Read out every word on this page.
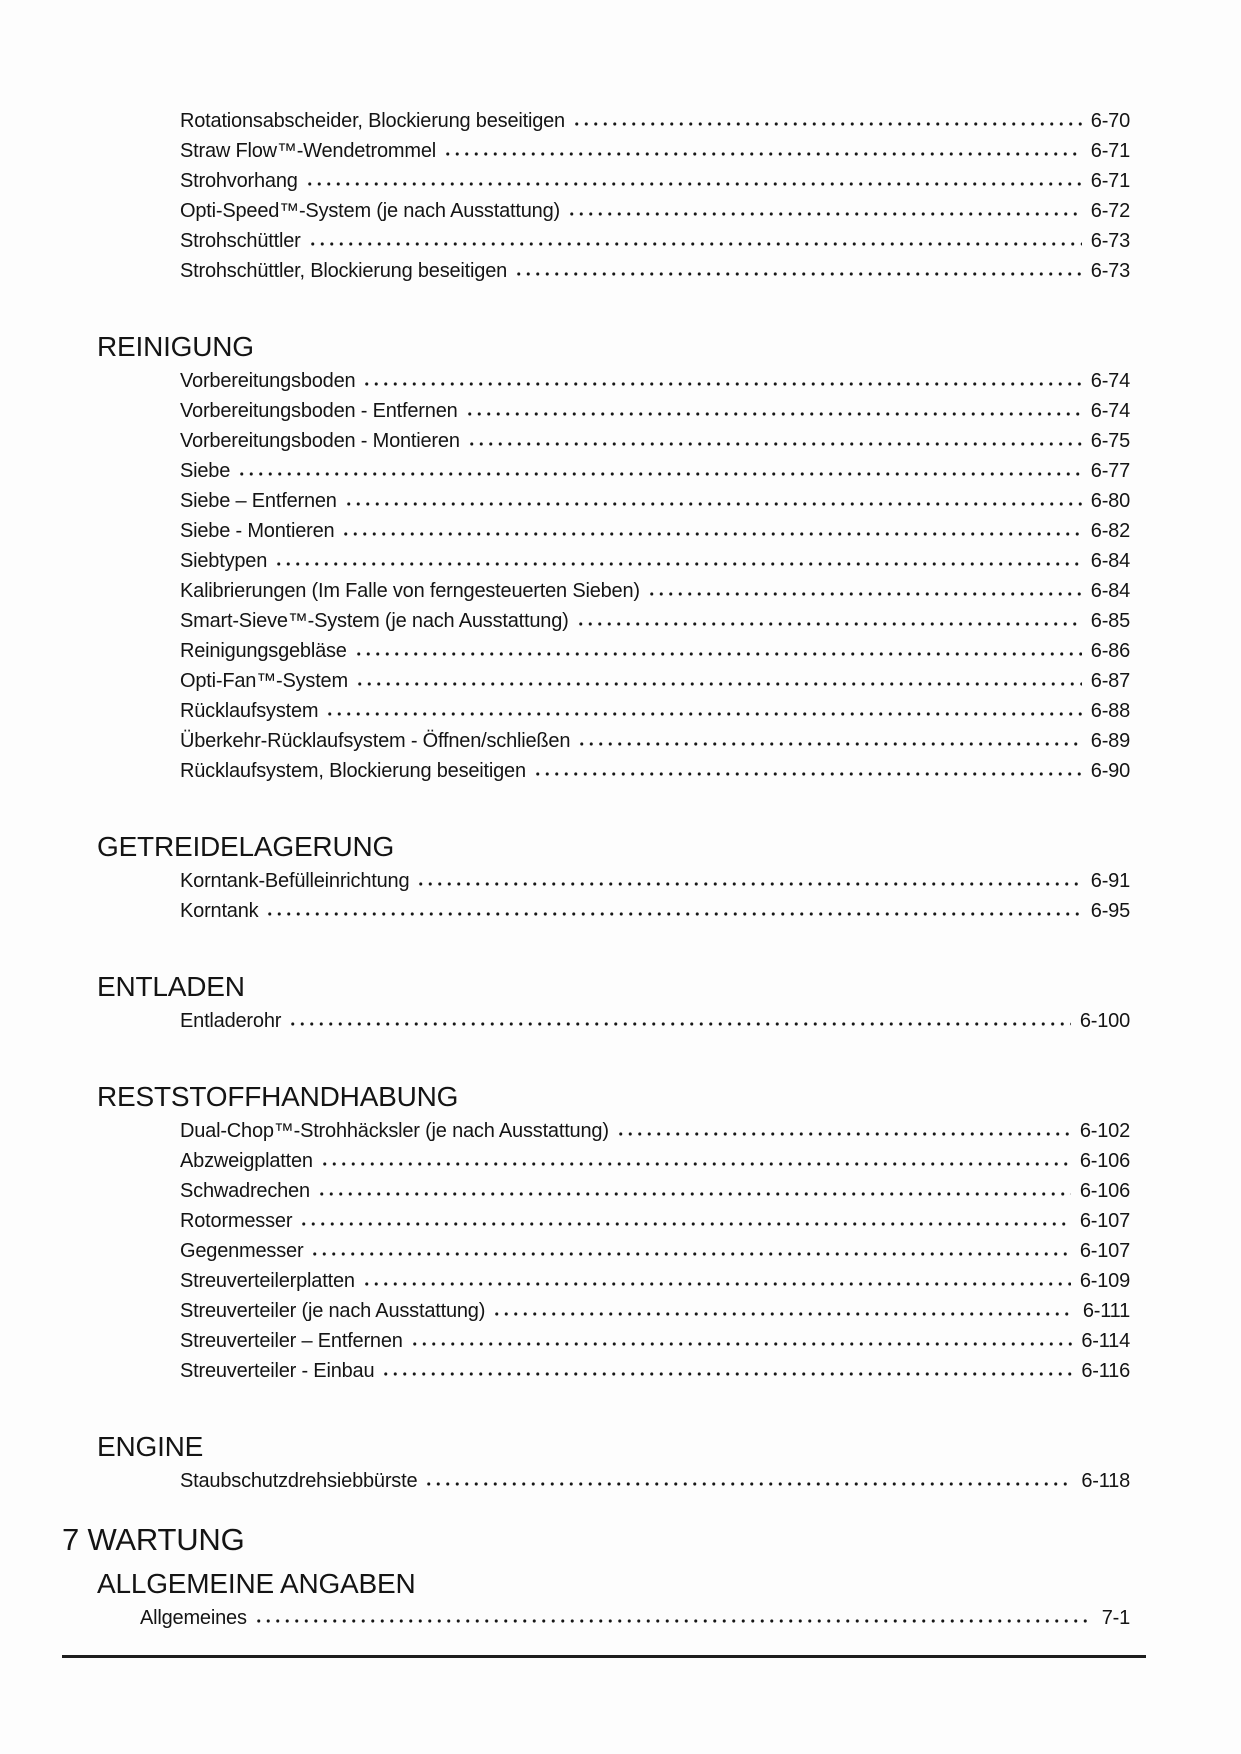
Rotationsabscheider, Blockierung beseitigen	6-70
Straw Flow™-Wendetrommel	6-71
Strohvorhang	6-71
Opti-Speed™-System (je nach Ausstattung)	6-72
Strohschüttler	6-73
Strohschüttler, Blockierung beseitigen	6-73
REINIGUNG
Vorbereitungsboden	6-74
Vorbereitungsboden - Entfernen	6-74
Vorbereitungsboden - Montieren	6-75
Siebe	6-77
Siebe – Entfernen	6-80
Siebe - Montieren	6-82
Siebtypen	6-84
Kalibrierungen (Im Falle von ferngesteuerten Sieben)	6-84
Smart-Sieve™-System (je nach Ausstattung)	6-85
Reinigungsgebläse	6-86
Opti-Fan™-System	6-87
Rücklaufsystem	6-88
Überkehr-Rücklaufsystem - Öffnen/schließen	6-89
Rücklaufsystem, Blockierung beseitigen	6-90
GETREIDELAGERUNG
Korntank-Befülleinrichtung	6-91
Korntank	6-95
ENTLADEN
Entladerohr	6-100
RESTSTOFFHANDHABUNG
Dual-Chop™-Strohhäcksler (je nach Ausstattung)	6-102
Abzweigplatten	6-106
Schwadrechen	6-106
Rotormesser	6-107
Gegenmesser	6-107
Streuverteilerplatten	6-109
Streuverteiler (je nach Ausstattung)	6-111
Streuverteiler – Entfernen	6-114
Streuverteiler - Einbau	6-116
ENGINE
Staubschutzdrehsiebbürste	6-118
7 WARTUNG
ALLGEMEINE ANGABEN
Allgemeines	7-1
